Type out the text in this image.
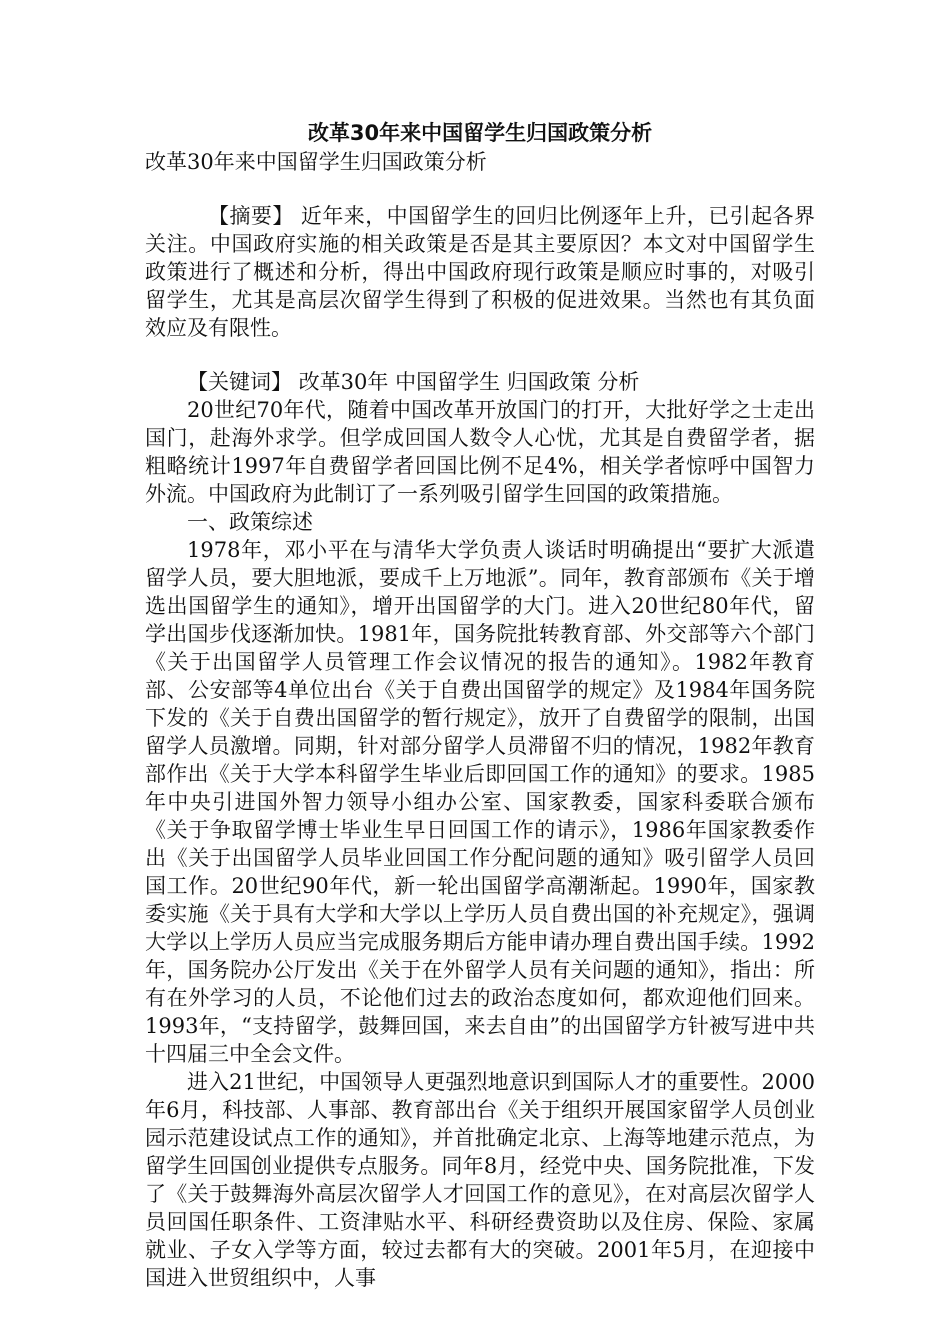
改革30年来中国留学生归国政策分析

改革30年来中国留学生归国政策分析

【摘要】 近年来，中国留学生的回归比例逐年上升，已引起各界关注。中国政府实施的相关政策是否是其主要原因？本文对中国留学生政策进行了概述和分析，得出中国政府现行政策是顺应时事的，对吸引留学生，尤其是高层次留学生得到了积极的促进效果。当然也有其负面效应及有限性。

【关键词】 改革30年 中国留学生 归国政策 分析

20世纪70年代，随着中国改革开放国门的打开，大批好学之士走出国门，赴海外求学。但学成回国人数令人心忧，尤其是自费留学者，据粗略统计1997年自费留学者回国比例不足4%，相关学者惊呼中国智力外流。中国政府为此制订了一系列吸引留学生回国的政策措施。

一、政策综述

1978年，邓小平在与清华大学负责人谈话时明确提出“要扩大派遣留学人员，要大胆地派，要成千上万地派”。同年，教育部颁布《关于增选出国留学生的通知》，增开出国留学的大门。进入20世纪80年代，留学出国步伐逐渐加快。1981年，国务院批转教育部、外交部等六个部门《关于出国留学人员管理工作会议情况的报告的通知》。1982年教育部、公安部等4单位出台《关于自费出国留学的规定》及1984年国务院下发的《关于自费出国留学的暂行规定》，放开了自费留学的限制，出国留学人员激增。同期，针对部分留学人员滞留不归的情况，1982年教育部作出《关于大学本科留学生毕业后即回国工作的通知》的要求。1985年中央引进国外智力领导小组办公室、国家教委，国家科委联合颁布《关于争取留学博士毕业生早日回国工作的请示》，1986年国家教委作出《关于出国留学人员毕业回国工作分配问题的通知》吸引留学人员回国工作。20世纪90年代，新一轮出国留学高潮渐起。1990年，国家教委实施《关于具有大学和大学以上学历人员自费出国的补充规定》，强调大学以上学历人员应当完成服务期后方能申请办理自费出国手续。1992年，国务院办公厅发出《关于在外留学人员有关问题的通知》，指出：所有在外学习的人员，不论他们过去的政治态度如何，都欢迎他们回来。1993年，“支持留学，鼓舞回国，来去自由”的出国留学方针被写进中共十四届三中全会文件。

进入21世纪，中国领导人更强烈地意识到国际人才的重要性。2000年6月，科技部、人事部、教育部出台《关于组织开展国家留学人员创业园示范建设试点工作的通知》，并首批确定北京、上海等地建示范点，为留学生回国创业提供专点服务。同年8月，经党中央、国务院批准，下发了《关于鼓舞海外高层次留学人才回国工作的意见》，在对高层次留学人员回国任职条件、工资津贴水平、科研经费资助以及住房、保险、家属就业、子女入学等方面，较过去都有大的突破。2001年5月，在迎接中国进入世贸组织中，人事
